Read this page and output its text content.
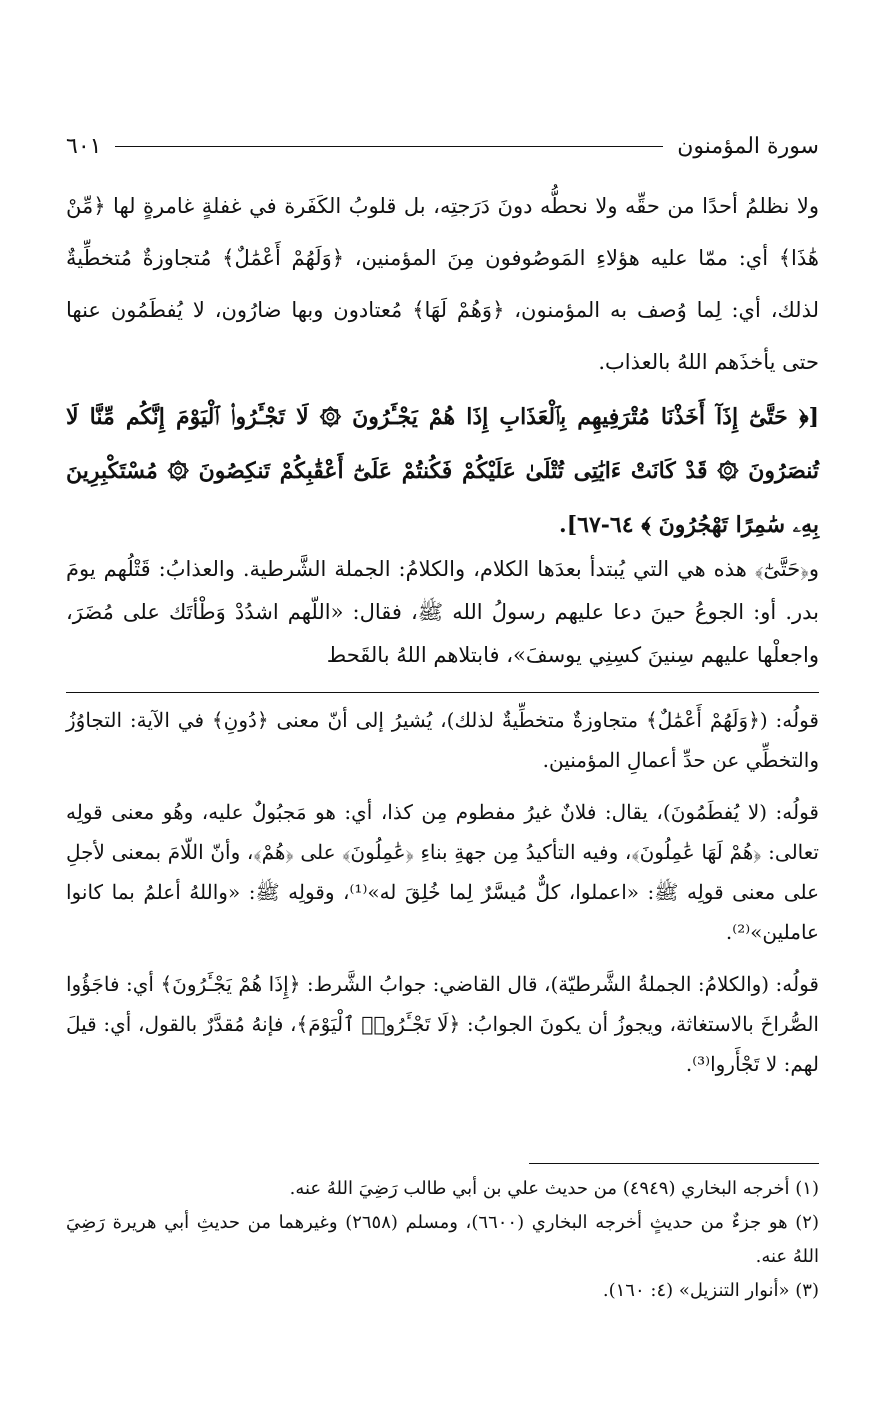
سورة المؤمنون
٦٠١

ولا نظلمُ أحدًا من حقِّه ولا نحطُّه دونَ دَرَجتِه، بل قلوبُ الكَفَرة في غفلةٍ غامرةٍ لها ﴿مِّنْ هَٰذَا﴾ أي: ممّا عليه هؤلاءِ المَوصُوفون مِنَ المؤمنين، ﴿وَلَهُمْ أَعْمَٰلٌ﴾ مُتجاوزةٌ مُتخطِّيةٌ لذلك، أي: لِما وُصف به المؤمنون، ﴿وَهُمْ لَهَا﴾ مُعتادون وبها ضارُون، لا يُفطَمُون عنها حتى يأخذَهم اللهُ بالعذاب.

[﴿ حَتَّىٰٓ إِذَآ أَخَذْنَا مُتْرَفِيهِم بِٱلْعَذَابِ إِذَا هُمْ يَجْـَٔرُونَ ۞ لَا تَجْـَٔرُوا۟ ٱلْيَوْمَ إِنَّكُم مِّنَّا لَا تُنصَرُونَ ۞ قَدْ كَانَتْ ءَايَٰتِى تُتْلَىٰ عَلَيْكُمْ فَكُنتُمْ عَلَىٰٓ أَعْقَٰبِكُمْ تَنكِصُونَ ۞ مُسْتَكْبِرِينَ بِهِۦ سَٰمِرًا تَهْجُرُونَ ﴾ ٦٤-٦٧].

و﴿حَتَّىٰٓ﴾ هذه هي التي يُبتدأ بعدَها الكلام، والكلامُ: الجملة الشَّرطية. والعذابُ: قَتْلُهم يومَ بدر. أو: الجوعُ حينَ دعا عليهم رسولُ الله ﷺ، فقال: «اللّهم اشدُدْ وَطْأتَك على مُضَرَ، واجعلْها عليهم سِنينَ كسِنِي يوسفَ»، فابتلاهم اللهُ بالقَحط

قولُه: (﴿وَلَهُمْ أَعْمَٰلٌ﴾ متجاوزةٌ متخطِّيةٌ لذلك)، يُشيرُ إلى أنّ معنى ﴿دُونِ﴾ في الآية: التجاوُزُ والتخطِّي عن حدِّ أعمالِ المؤمنين.

قولُه: (لا يُفطَمُونَ)، يقال: فلانٌ غيرُ مفطوم مِن كذا، أي: هو مَجبُولٌ عليه، وهُو معنى قولِه تعالى: ﴿هُمْ لَهَا عَٰمِلُونَ﴾، وفيه التأكيدُ مِن جهةِ بناءِ ﴿عَٰمِلُونَ﴾ على ﴿هُمْ﴾، وأنّ اللّامَ بمعنى لأجلِ على معنى قولِه ﷺ: «اعملوا، كلٌّ مُيسَّرٌ لِما خُلِقَ له»⁽¹⁾، وقولِه ﷺ: «واللهُ أعلمُ بما كانوا عاملين»⁽²⁾.

قولُه: (والكلامُ: الجملةُ الشَّرطيّة)، قال القاضي: جوابُ الشَّرط: ﴿إِذَا هُمْ يَجْـَٔرُونَ﴾ أي: فاجَؤُوا الصُّراخَ بالاستغاثة، ويجوزُ أن يكونَ الجوابُ: ﴿لَا تَجْـَٔرُوا۟ ٱلْيَوْمَ﴾، فإنهُ مُقدَّرٌ بالقول، أي: قيلَ لهم: لا تَجْأَروا⁽³⁾.

(١) أخرجه البخاري (٤٩٤٩) من حديث علي بن أبي طالب رَضِيَ اللهُ عنه.

(٢) هو جزءٌ من حديثٍ أخرجه البخاري (٦٦٠٠)، ومسلم (٢٦٥٨) وغيرهما من حديثِ أبي هريرة رَضِيَ اللهُ عنه.

(٣) «أنوار التنزيل» (٤: ١٦٠).
